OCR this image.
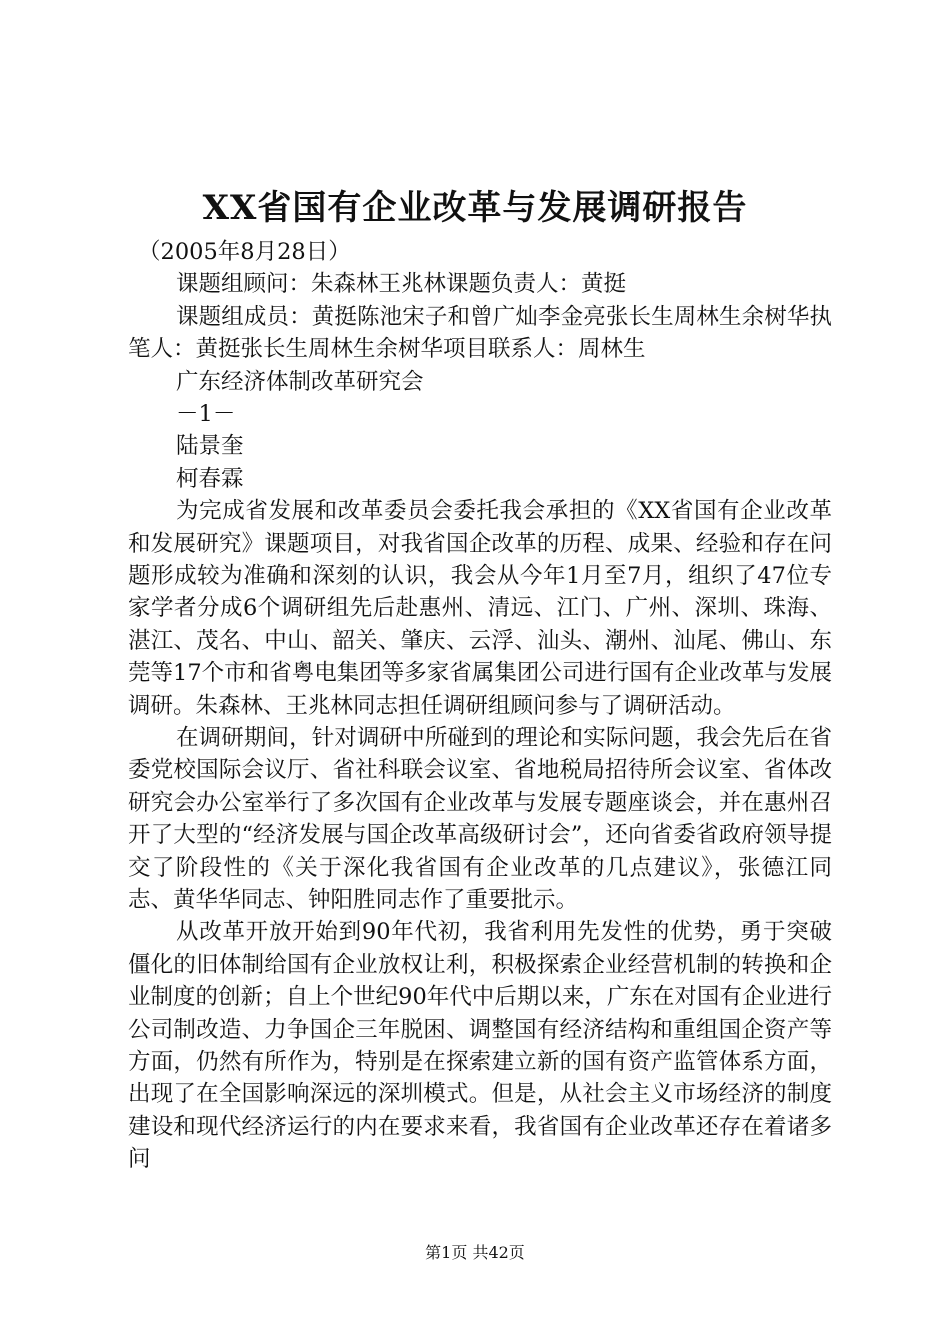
XX省国有企业改革与发展调研报告
（2005年8月28日）
课题组顾问：朱森林王兆林课题负责人：黄挺

课题组成员：黄挺陈池宋子和曾广灿李金亮张长生周林生余树华执笔人：黄挺张长生周林生余树华项目联系人：周林生

广东经济体制改革研究会
－1－
陆景奎
柯春霖

为完成省发展和改革委员会委托我会承担的《XX省国有企业改革和发展研究》课题项目，对我省国企改革的历程、成果、经验和存在问题形成较为准确和深刻的认识，我会从今年1月至7月，组织了47位专家学者分成6个调研组先后赴惠州、清远、江门、广州、深圳、珠海、湛江、茂名、中山、韶关、肇庆、云浮、汕头、潮州、汕尾、佛山、东莞等17个市和省粤电集团等多家省属集团公司进行国有企业改革与发展调研。朱森林、王兆林同志担任调研组顾问参与了调研活动。

在调研期间，针对调研中所碰到的理论和实际问题，我会先后在省委党校国际会议厅、省社科联会议室、省地税局招待所会议室、省体改研究会办公室举行了多次国有企业改革与发展专题座谈会，并在惠州召开了大型的“经济发展与国企改革高级研讨会”，还向省委省政府领导提交了阶段性的《关于深化我省国有企业改革的几点建议》，张德江同志、黄华华同志、钟阳胜同志作了重要批示。

从改革开放开始到90年代初，我省利用先发性的优势，勇于突破僵化的旧体制给国有企业放权让利，积极探索企业经营机制的转换和企业制度的创新；自上个世纪90年代中后期以来，广东在对国有企业进行公司制改造、力争国企三年脱困、调整国有经济结构和重组国企资产等方面，仍然有所作为，特别是在探索建立新的国有资产监管体系方面，出现了在全国影响深远的深圳模式。但是，从社会主义市场经济的制度建设和现代经济运行的内在要求来看，我省国有企业改革还存在着诸多问

第1页 共42页
